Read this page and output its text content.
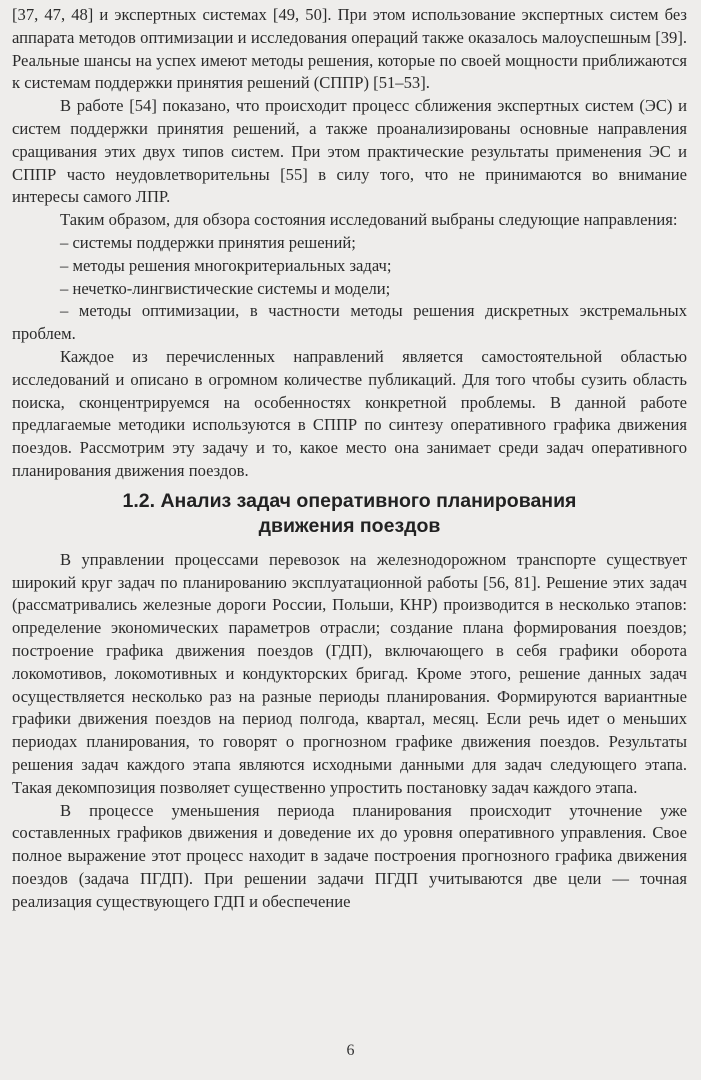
[37, 47, 48] и экспертных системах [49, 50]. При этом использование экспертных систем без аппарата методов оптимизации и исследования операций также оказалось малоуспешным [39]. Реальные шансы на успех имеют методы решения, которые по своей мощности приближаются к системам поддержки принятия решений (СППР) [51–53].

В работе [54] показано, что происходит процесс сближения экспертных систем (ЭС) и систем поддержки принятия решений, а также проанализированы основные направления сращивания этих двух типов систем. При этом практические результаты применения ЭС и СППР часто неудовлетворительны [55] в силу того, что не принимаются во внимание интересы самого ЛПР.

Таким образом, для обзора состояния исследований выбраны следующие направления:

– системы поддержки принятия решений;

– методы решения многокритериальных задач;

– нечетко-лингвистические системы и модели;

– методы оптимизации, в частности методы решения дискретных экстремальных проблем.

Каждое из перечисленных направлений является самостоятельной областью исследований и описано в огромном количестве публикаций. Для того чтобы сузить область поиска, сконцентрируемся на особенностях конкретной проблемы. В данной работе предлагаемые методики используются в СППР по синтезу оперативного графика движения поездов. Рассмотрим эту задачу и то, какое место она занимает среди задач оперативного планирования движения поездов.

1.2. Анализ задач оперативного планирования
движения поездов

В управлении процессами перевозок на железнодорожном транспорте существует широкий круг задач по планированию эксплуатационной работы [56, 81]. Решение этих задач (рассматривались железные дороги России, Польши, КНР) производится в несколько этапов: определение экономических параметров отрасли; создание плана формирования поездов; построение графика движения поездов (ГДП), включающего в себя графики оборота локомотивов, локомотивных и кондукторских бригад. Кроме этого, решение данных задач осуществляется несколько раз на разные периоды планирования. Формируются вариантные графики движения поездов на период полгода, квартал, месяц. Если речь идет о меньших периодах планирования, то говорят о прогнозном графике движения поездов. Результаты решения задач каждого этапа являются исходными данными для задач следующего этапа. Такая декомпозиция позволяет существенно упростить постановку задач каждого этапа.

В процессе уменьшения периода планирования происходит уточнение уже составленных графиков движения и доведение их до уровня оперативного управления. Свое полное выражение этот процесс находит в задаче построения прогнозного графика движения поездов (задача ПГДП). При решении задачи ПГДП учитываются две цели — точная реализация существующего ГДП и обеспечение

6
